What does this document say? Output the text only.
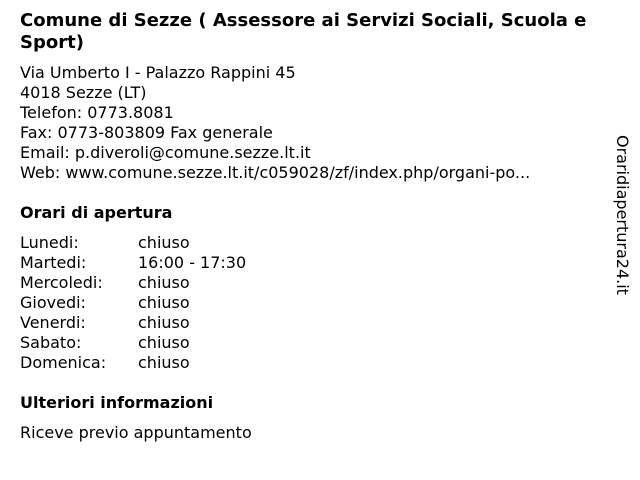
Comune di Sezze ( Assessore ai Servizi Sociali, Scuola e Sport)
Via Umberto I - Palazzo Rappini 45
4018 Sezze (LT)
Telefon: 0773.8081
Fax: 0773-803809 Fax generale
Email: p.diveroli@comune.sezze.lt.it
Web: www.comune.sezze.lt.it/c059028/zf/index.php/organi-po...
Orari di apertura
Lunedi:	chiuso
Martedi:	16:00 - 17:30
Mercoledi:	chiuso
Giovedi:	chiuso
Venerdi:	chiuso
Sabato:	chiuso
Domenica:	chiuso
Ulteriori informazioni
Riceve previo appuntamento
Oraridiapertura24.it
